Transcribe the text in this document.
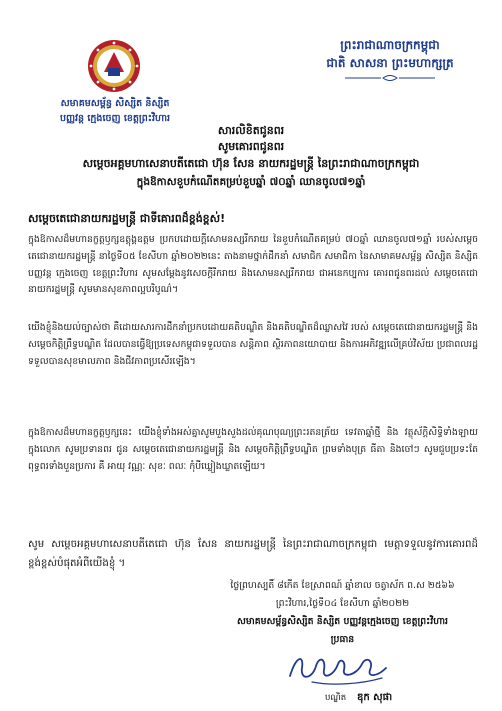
សមាគមសម្ព័ន្ធ សិស្សិត និស្សិត
បញ្ញវន្ត ក្មេងចេញ ខេត្តព្រះវិហារ
ព្រះរាជាណាចក្រកម្ពុជា
ជាតិ សាសនា ព្រះមហាក្សត្រ
សារលិខិតជូនពរ
សូមគោរពជូនពរ
សម្ដេចអគ្គមហាសេនាបតីតេជោ ហ៊ុន សែន នាយករដ្ឋមន្ត្រី នៃព្រះរាជាណាចក្រកម្ពុជា
ក្នុងឱកាសខួបកំណើតគម្រប់ខួបឆ្នាំ ៧០ឆ្នាំ ឈានចូល៧១ឆ្នាំ
សម្ដេចតេជោនាយករដ្ឋមន្ត្រី ជាទីគោរពដ៏ខ្ពង់ខ្ពស់!
ក្នុងឱកាសដ៏មហានក្ខត្តឫក្សឧត្តុង្គឧត្តម ប្រកបដោយក្ដីសោមនស្សរីករាយ នៃខួបកំណើតគម្រប់ ៧០ឆ្នាំ ឈានចូល៧១ឆ្នាំ របស់សម្ដេចតេជោនាយករដ្ឋមន្ត្រី នាថ្ងៃទី០៥ ខែសីហា ឆ្នាំ២០២២នេះ តាងនាមថ្នាក់ដឹកនាំ សមាជិក សមាជិកា នៃសាមាគមសម្ព័ន្ធ សិស្សិត និស្សិត បញ្ញវន្ត ក្មេងចេញ ខេត្តព្រះវិហារ សូមសម្ដែងនូវសេចក្ដីរីករាយ និងសោមនស្សរីករាយ ជាអនេកប្បការ គោរពជូនពរដល់ សម្ដេចតេជោនាយករដ្ឋមន្ត្រី សូមមានសុខភាពល្អបរិបូណ៌។
យើងខ្ញុំនិងយល់ច្បាស់ថា គឺដោយសារការដឹកនាំប្រកបដោយគតិបណ្ឌិត និងគតិបណ្ឌិតដ៏ឈ្លាសវៃ របស់ សម្ដេចតេជោនាយករដ្ឋមន្ត្រី និង សម្ដេចកិត្តិព្រឹទ្ធបណ្ឌិត ដែលបានធ្វើឱ្យប្រទេសកម្ពុជាទទួលបាន សន្តិភាព ស្ថិរភាពនយោបាយ និងការអភិវឌ្ឍលើគ្រប់វិស័យ ប្រជាពលរដ្ឋទទួលបានសុខមាលភាព និងជីវភាពប្រសើរឡើង។
ក្នុងឱកាសដ៏មហានក្ខត្តឫក្សនេះ យើងខ្ញុំទាំងអស់គ្នាសូមបួងសួងដល់គុណបុណ្យព្រះរតនត្រ័យ ទេវតាឆ្នាំថ្មី និង វត្ថុស័ក្តិសិទ្ធិទាំងឡាយ ក្នុងលោក សូមប្រទានពរ ជូន សម្ដេចតេជោនាយករដ្ឋមន្ត្រី និង សម្ដេចកិត្តិព្រឹទ្ធបណ្ឌិត ព្រមទាំងបុត្រ ធីតា និងចៅៗ សូមជួបប្រទះតែ ពុទ្ធពរទាំងបួនប្រការ គឺ អាយុ វណ្ណៈ សុខៈ ពលៈ កុំបីឃ្លៀងឃ្លាតឡើយ។
សូម សម្ដេចអគ្គមហាសេនាបតីតេជោ ហ៊ុន សែន នាយករដ្ឋមន្ត្រី នៃព្រះរាជាណាចក្រកម្ពុជា មេត្តាទទួលនូវការគោរពដ៏ខ្ពង់ខ្ពស់បំផុតអំពីយើងខ្ញុំ ។
ថ្ងៃព្រហស្បតិ៍ ៨កើត ខែស្រាពណ៍ ឆ្នាំខាល ចត្វាស័ក ព.ស ២៥៦៦
ព្រះវិហារ,ថ្ងៃទី០៤ ខែសីហា ឆ្នាំ២០២២
សមាគមសម្ព័ន្ធសិស្សិត និស្សិត បញ្ញវន្តក្មេងចេញ ខេត្តព្រះវិហារ
ប្រធាន
បណ្ឌិត ឌុក សុផា
